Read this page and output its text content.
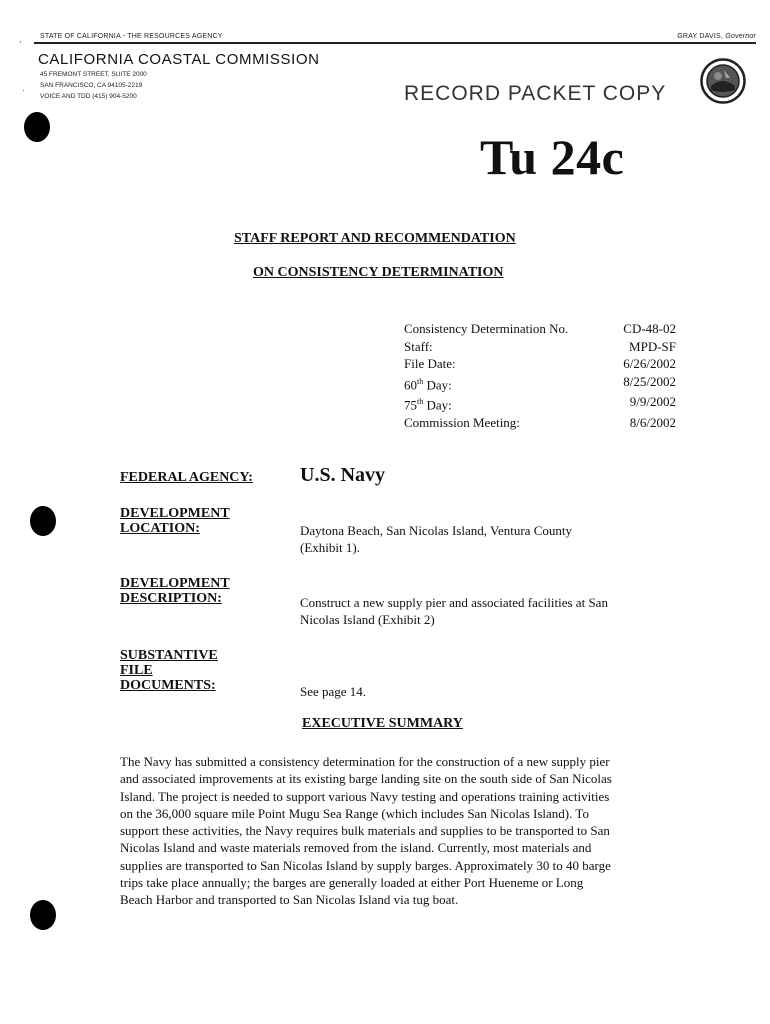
STATE OF CALIFORNIA - THE RESOURCES AGENCY	GRAY DAVIS, Governor
CALIFORNIA COASTAL COMMISSION
45 FREMONT STREET, SUITE 2000
SAN FRANCISCO, CA 94105-2219
VOICE AND TDD (415) 904-5200
'
·	RECORD PACKET COPY
Tu 24c
STAFF REPORT AND RECOMMENDATION
ON CONSISTENCY DETERMINATION
Consistency Determination No.	CD-48-02
Staff:	MPD-SF
File Date:	6/26/2002
60th Day:	8/25/2002
75th Day:	9/9/2002
Commission Meeting:	8/6/2002
FEDERAL AGENCY: U.S. Navy
DEVELOPMENT
LOCATION:	Daytona Beach, San Nicolas Island, Ventura County
(Exhibit 1).
DEVELOPMENT
DESCRIPTION:	Construct a new supply pier and associated facilities at San
Nicolas Island (Exhibit 2)
SUBSTANTIVE
FILE
DOCUMENTS:	See page 14.
EXECUTIVE SUMMARY
The Navy has submitted a consistency determination for the construction of a new supply pier
and associated improvements at its existing barge landing site on the south side of San Nicolas
Island. The project is needed to support various Navy testing and operations training activities
on the 36,000 square mile Point Mugu Sea Range (which includes San Nicolas Island). To
support these activities, the Navy requires bulk materials and supplies to be transported to San
Nicolas Island and waste materials removed from the island. Currently, most materials and
supplies are transported to San Nicolas Island by supply barges. Approximately 30 to 40 barge
trips take place annually; the barges are generally loaded at either Port Hueneme or Long
Beach Harbor and transported to San Nicolas Island via tug boat.
